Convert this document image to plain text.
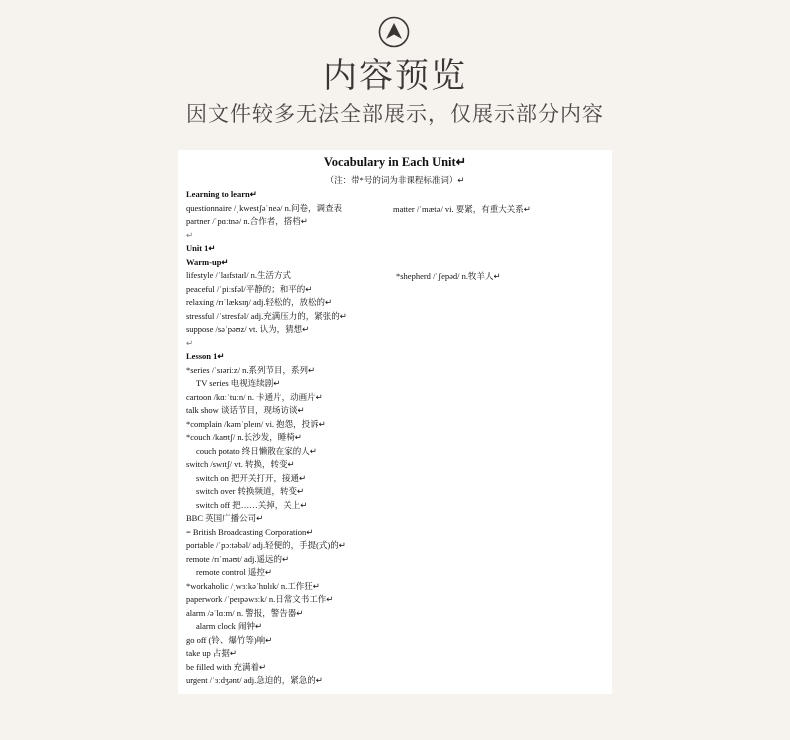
内容预览
因文件较多无法全部展示，仅展示部分内容
Vocabulary in Each Unit↵
（注：带*号的词为非课程标准词）↵
Learning to learn↵
questionnaire /ˌkwestʃəˈneə/ n.问卷，调查表
partner /ˈpɑːtnə/ n.合作者，搭档↵
↵
Unit 1↵
Warm-up↵
lifestyle /ˈlaɪfstaɪl/ n.生活方式
peaceful /ˈpiːsfəl/平静的；和平的↵
relaxing /rɪˈlæksɪŋ/ adj.轻松的，放松的↵
stressful /ˈstresfəl/ adj.充满压力的，紧张的↵
suppose /səˈpəʊz/ vt. 认为，猜想↵
↵
Lesson 1↵
*series /ˈsɪəriːz/ n.系列节目，系列↵
TV series 电视连续剧↵
cartoon /kɑːˈtuːn/ n. 卡通片，动画片↵
talk show 谈话节目，现场访谈↵
*complain /kəmˈpleɪn/ vi. 抱怨，投诉↵
*couch /kaʊtʃ/ n.长沙发，睡椅↵
couch potato 终日懒散在家的人↵
switch /swɪtʃ/ vt. 转换，转变↵
switch on 把开关打开，接通↵
switch over 转换频道，转变↵
switch off 把……关掉，关上↵
BBC 英国广播公司↵
= British Broadcasting Corporation↵
portable /ˈpɔːtəbəl/ adj.轻便的，手提(式)的↵
remote /rɪˈməʊt/ adj.遥远的↵
remote control 遥控↵
*workaholic /ˌwɜːkəˈhɒlɪk/ n.工作狂↵
paperwork /ˈpeɪpəwɜːk/ n.日常文书工作↵
alarm /əˈlɑːm/ n. 警报，警告器↵
alarm clock 闹钟↵
go off (铃、爆竹等)响↵
take up 占据↵
be filled with 充满着↵
urgent /ˈɜːdʒənt/ adj.急迫的，紧急的↵
matter /ˈmætə/ vi. 要紧，有重大关系↵
*shepherd /ˈʃepəd/ n.牧羊人↵
